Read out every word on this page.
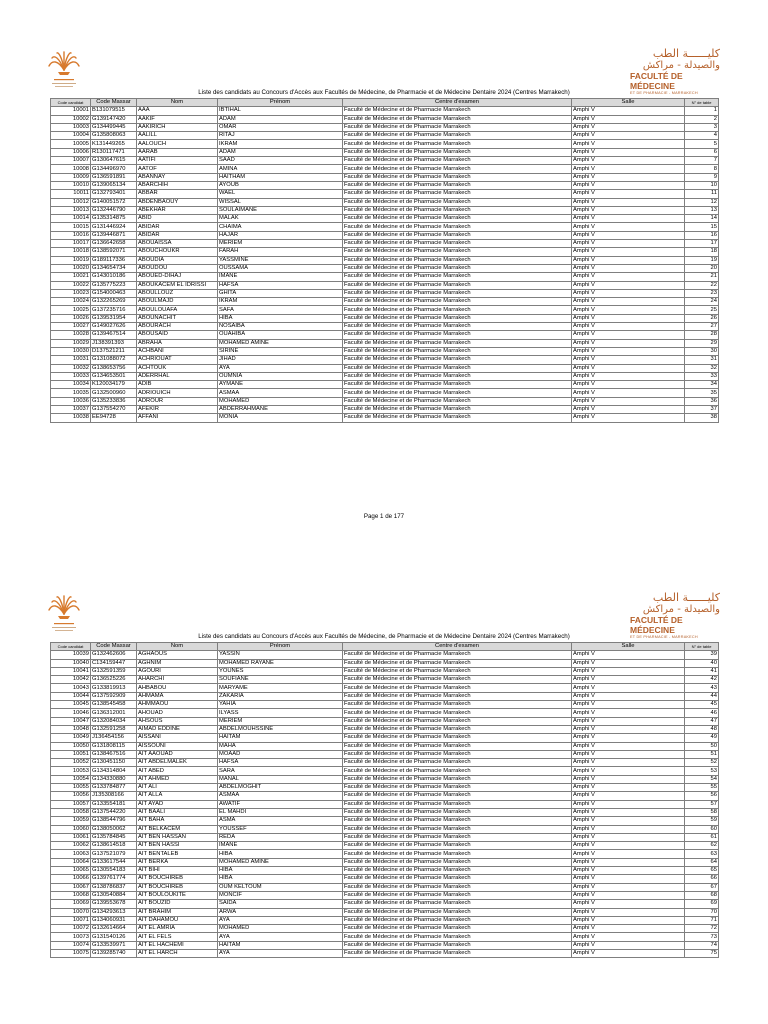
كليــــــة الطب
والصيدلة - مراكش
FACULTÉ DE MÉDECINE
ET DE PHARMACIE - MARRAKECH
Liste des candidats au Concours d'Accès aux Facultés de Médecine, de Pharmacie et de Médecine Dentaire 2024 (Centres Marrakech)
Code candidat	Code Massar	Nom	Prénom	Centre d'examen	Salle	N° de table
10001	B131079515	AAA	IBTIHAL	Faculté de Médecine et de Pharmacie Marrakech	Amphi V	1
10002	G139147420	AAKIF	ADAM	Faculté de Médecine et de Pharmacie Marrakech	Amphi V	2
10003	G134499445	AAKIRICH	OMAR	Faculté de Médecine et de Pharmacie Marrakech	Amphi V	3
10004	G135808063	AALILL	RITAJ	Faculté de Médecine et de Pharmacie Marrakech	Amphi V	4
10005	K131449265	AALOUCH	IKRAM	Faculté de Médecine et de Pharmacie Marrakech	Amphi V	5
10006	R130117471	AARAB	ADAM	Faculté de Médecine et de Pharmacie Marrakech	Amphi V	6
10007	G130647615	AATIFI	SAAD	Faculté de Médecine et de Pharmacie Marrakech	Amphi V	7
10008	G134496970	AATOF	AMINA	Faculté de Médecine et de Pharmacie Marrakech	Amphi V	8
10009	G136591891	ABANNAY	HAITHAM	Faculté de Médecine et de Pharmacie Marrakech	Amphi V	9
10010	G139065134	ABARCHIH	AYOUB	Faculté de Médecine et de Pharmacie Marrakech	Amphi V	10
10011	G132793401	ABBAR	WAEL	Faculté de Médecine et de Pharmacie Marrakech	Amphi V	11
10012	G140051572	ABDENBAOUY	WISSAL	Faculté de Médecine et de Pharmacie Marrakech	Amphi V	12
10013	G132446790	ABEKHAR	SOULAIMANE	Faculté de Médecine et de Pharmacie Marrakech	Amphi V	13
10014	G135314875	ABID	MALAK	Faculté de Médecine et de Pharmacie Marrakech	Amphi V	14
10015	G131446924	ABIDAR	CHAIMA	Faculté de Médecine et de Pharmacie Marrakech	Amphi V	15
10016	G139446871	ABIDAR	HAJAR	Faculté de Médecine et de Pharmacie Marrakech	Amphi V	16
10017	G136642658	ABOUAISSA	MERIEM	Faculté de Médecine et de Pharmacie Marrakech	Amphi V	17
10018	G138592071	ABOUCHOUKR	FARAH	Faculté de Médecine et de Pharmacie Marrakech	Amphi V	18
10019	G189117336	ABOUDIA	YASSMINE	Faculté de Médecine et de Pharmacie Marrakech	Amphi V	19
10020	G134654734	ABOUDOU	OUSSAMA	Faculté de Médecine et de Pharmacie Marrakech	Amphi V	20
10021	G143010186	ABOUED-DIHAJ	IMANE	Faculté de Médecine et de Pharmacie Marrakech	Amphi V	21
10022	G135775223	ABOUKACEM EL IDRISSI	HAFSA	Faculté de Médecine et de Pharmacie Marrakech	Amphi V	22
10023	G154000463	ABOULLOUZ	GHITA	Faculté de Médecine et de Pharmacie Marrakech	Amphi V	23
10024	G132265269	ABOULMAJD	IKRAM	Faculté de Médecine et de Pharmacie Marrakech	Amphi V	24
10025	G137235716	ABOULOUAFA	SAFA	Faculté de Médecine et de Pharmacie Marrakech	Amphi V	25
10026	G139531954	ABOUNACHIT	HIBA	Faculté de Médecine et de Pharmacie Marrakech	Amphi V	26
10027	G149027626	ABOURACH	NOSAIBA	Faculté de Médecine et de Pharmacie Marrakech	Amphi V	27
10028	G139467514	ABOUSAID	OUAHIBA	Faculté de Médecine et de Pharmacie Marrakech	Amphi V	28
10029	J138391393	ABRAHA	MOHAMED AMINE	Faculté de Médecine et de Pharmacie Marrakech	Amphi V	29
10030	D137521211	ACHBANI	SIRINE	Faculté de Médecine et de Pharmacie Marrakech	Amphi V	30
10031	G131088072	ACHRIOUAT	JIHAD	Faculté de Médecine et de Pharmacie Marrakech	Amphi V	31
10032	G138653756	ACHTOUK	AYA	Faculté de Médecine et de Pharmacie Marrakech	Amphi V	32
10033	G134653501	ADERRHAL	OUMNIA	Faculté de Médecine et de Pharmacie Marrakech	Amphi V	33
10034	K120034179	ADIB	AYMANE	Faculté de Médecine et de Pharmacie Marrakech	Amphi V	34
10035	G132500960	ADRIOUICH	ASMAA	Faculté de Médecine et de Pharmacie Marrakech	Amphi V	35
10036	G135233836	ADROUR	MOHAMED	Faculté de Médecine et de Pharmacie Marrakech	Amphi V	36
10037	G137554270	AFEKIR	ABDERRAHMANE	Faculté de Médecine et de Pharmacie Marrakech	Amphi V	37
10038	EE94728	AFFANI	MONIA	Faculté de Médecine et de Pharmacie Marrakech	Amphi V	38
Page 1 de 177
كليــــــة الطب
والصيدلة - مراكش
FACULTÉ DE MÉDECINE
ET DE PHARMACIE - MARRAKECH
Liste des candidats au Concours d'Accès aux Facultés de Médecine, de Pharmacie et de Médecine Dentaire 2024 (Centres Marrakech)
Code candidat	Code Massar	Nom	Prénom	Centre d'examen	Salle	N° de table
10039	G132462606	AGHAOUS	YASSIN	Faculté de Médecine et de Pharmacie Marrakech	Amphi V	39
10040	C134159447	AGHNIM	MOHAMED RAYANE	Faculté de Médecine et de Pharmacie Marrakech	Amphi V	40
10041	G132591359	AGOURI	YOUNES	Faculté de Médecine et de Pharmacie Marrakech	Amphi V	41
10042	G136525226	AHARCHI	SOUFIANE	Faculté de Médecine et de Pharmacie Marrakech	Amphi V	42
10043	G133819913	AHBABOU	MARYAME	Faculté de Médecine et de Pharmacie Marrakech	Amphi V	43
10044	G137592909	AHMAMA	ZAKARIA	Faculté de Médecine et de Pharmacie Marrakech	Amphi V	44
10045	G138545458	AHMMAOU	YAHIA	Faculté de Médecine et de Pharmacie Marrakech	Amphi V	45
10046	G136312001	AHOUAD	ILYASS	Faculté de Médecine et de Pharmacie Marrakech	Amphi V	46
10047	G132084034	AHSOUS	MERIEM	Faculté de Médecine et de Pharmacie Marrakech	Amphi V	47
10048	G132591258	AIMAD EDDINE	ABDELMOUHSSINE	Faculté de Médecine et de Pharmacie Marrakech	Amphi V	48
10049	J136454156	AISSANI	HAITAM	Faculté de Médecine et de Pharmacie Marrakech	Amphi V	49
10050	G131808115	AISSOUNI	MAHA	Faculté de Médecine et de Pharmacie Marrakech	Amphi V	50
10051	G138467516	AIT AAOUAD	MOAAD	Faculté de Médecine et de Pharmacie Marrakech	Amphi V	51
10052	G130451150	AIT ABDELMALEK	HAFSA	Faculté de Médecine et de Pharmacie Marrakech	Amphi V	52
10053	G134314804	AIT ABED	SARA	Faculté de Médecine et de Pharmacie Marrakech	Amphi V	53
10054	G134330880	AIT AHMED	MANAL	Faculté de Médecine et de Pharmacie Marrakech	Amphi V	54
10055	G133784877	AIT ALI	ABDELMOGHIT	Faculté de Médecine et de Pharmacie Marrakech	Amphi V	55
10056	J135308166	AIT ALLA	ASMAA	Faculté de Médecine et de Pharmacie Marrakech	Amphi V	56
10057	G133554181	AIT AYAD	AWATIF	Faculté de Médecine et de Pharmacie Marrakech	Amphi V	57
10058	G137544220	AIT BAALI	EL MAHDI	Faculté de Médecine et de Pharmacie Marrakech	Amphi V	58
10059	G138544796	AIT BAHA	ASMA	Faculté de Médecine et de Pharmacie Marrakech	Amphi V	59
10060	G138050062	AIT BELKACEM	YOUSSEF	Faculté de Médecine et de Pharmacie Marrakech	Amphi V	60
10061	G135784845	AIT BEN HASSAN	REDA	Faculté de Médecine et de Pharmacie Marrakech	Amphi V	61
10062	G138614518	AIT BEN HASSI	IMANE	Faculté de Médecine et de Pharmacie Marrakech	Amphi V	62
10063	G137521079	AIT BENTALEB	HIBA	Faculté de Médecine et de Pharmacie Marrakech	Amphi V	63
10064	G133617544	AIT BERKA	MOHAMED AMINE	Faculté de Médecine et de Pharmacie Marrakech	Amphi V	64
10065	G130554183	AIT BIHI	HIBA	Faculté de Médecine et de Pharmacie Marrakech	Amphi V	65
10066	G139761774	AIT BOUCHIREB	HIBA	Faculté de Médecine et de Pharmacie Marrakech	Amphi V	66
10067	G138786837	AIT BOUCHIREB	OUM KELTOUM	Faculté de Médecine et de Pharmacie Marrakech	Amphi V	67
10068	G130540884	AIT BOULOUKITE	MONCIF	Faculté de Médecine et de Pharmacie Marrakech	Amphi V	68
10069	G139553678	AIT BOUZID	SAIDA	Faculté de Médecine et de Pharmacie Marrakech	Amphi V	69
10070	G134293613	AIT BRAHIM	ARWA	Faculté de Médecine et de Pharmacie Marrakech	Amphi V	70
10071	G134060931	AIT DAHAMOU	AYA	Faculté de Médecine et de Pharmacie Marrakech	Amphi V	71
10072	G132614664	AIT EL AMRIA	MOHAMED	Faculté de Médecine et de Pharmacie Marrakech	Amphi V	72
10073	G131540126	AIT EL FELS	AYA	Faculté de Médecine et de Pharmacie Marrakech	Amphi V	73
10074	G133539971	AIT EL HACHEMI	HAITAM	Faculté de Médecine et de Pharmacie Marrakech	Amphi V	74
10075	G139285740	AIT EL HARCH	AYA	Faculté de Médecine et de Pharmacie Marrakech	Amphi V	75
